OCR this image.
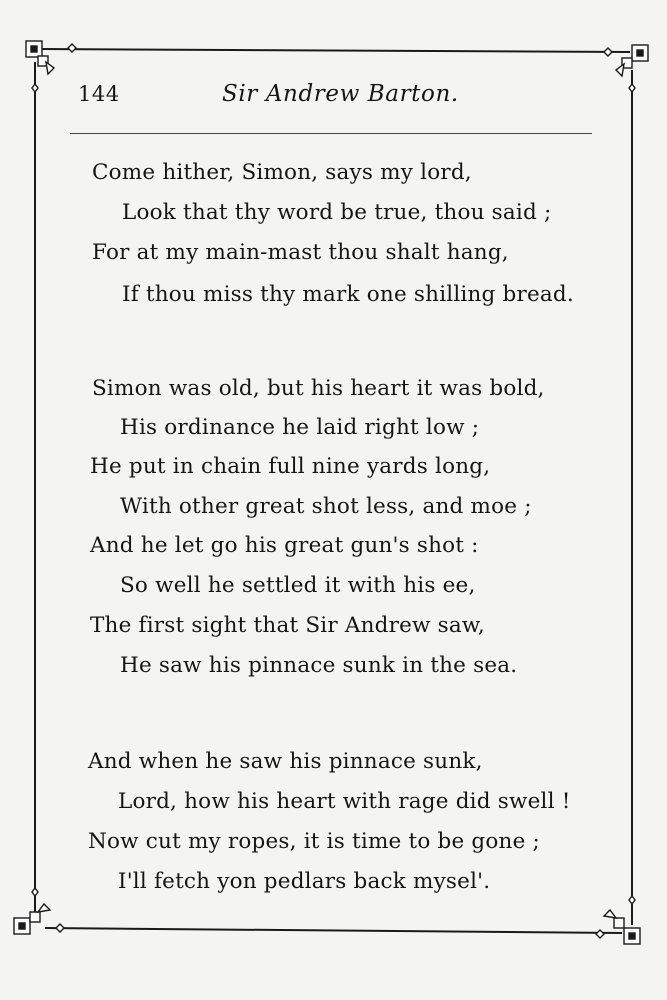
144	Sir Andrew Barton.
Come hither, Simon, says my lord,
Look that thy word be true, thou said ;
For at my main-mast thou shalt hang,
If thou miss thy mark one shilling bread.
Simon was old, but his heart it was bold,
His ordinance he laid right low ;
He put in chain full nine yards long,
With other great shot less, and moe ;
And he let go his great gun's shot :
So well he settled it with his ee,
The first sight that Sir Andrew saw,
He saw his pinnace sunk in the sea.
And when he saw his pinnace sunk,
Lord, how his heart with rage did swell !
Now cut my ropes, it is time to be gone ;
I'll fetch yon pedlars back mysel'.
